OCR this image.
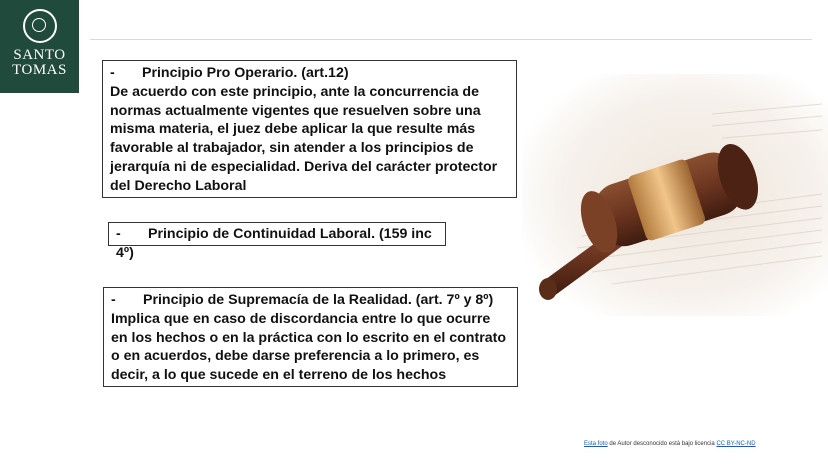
SANTO
TOMAS	- Principio Pro Operario. (art.12)
De acuerdo con este principio, ante la concurrencia de normas actualmente vigentes que resuelven sobre una misma materia, el juez debe aplicar la que resulte más favorable al trabajador, sin atender a los principios de jerarquía ni de especialidad. Deriva del carácter protector del Derecho Laboral
- Principio de Continuidad Laboral. (159 inc 4º)
- Principio de Supremacía de la Realidad. (art. 7º y 8º)
Implica que en caso de discordancia entre lo que ocurre en los hechos o en la práctica con lo escrito en el contrato o en acuerdos, debe darse preferencia a lo primero, es decir, a lo que sucede en el terreno de los hechos
Esta foto de Autor desconocido está bajo licencia CC BY-NC-ND
